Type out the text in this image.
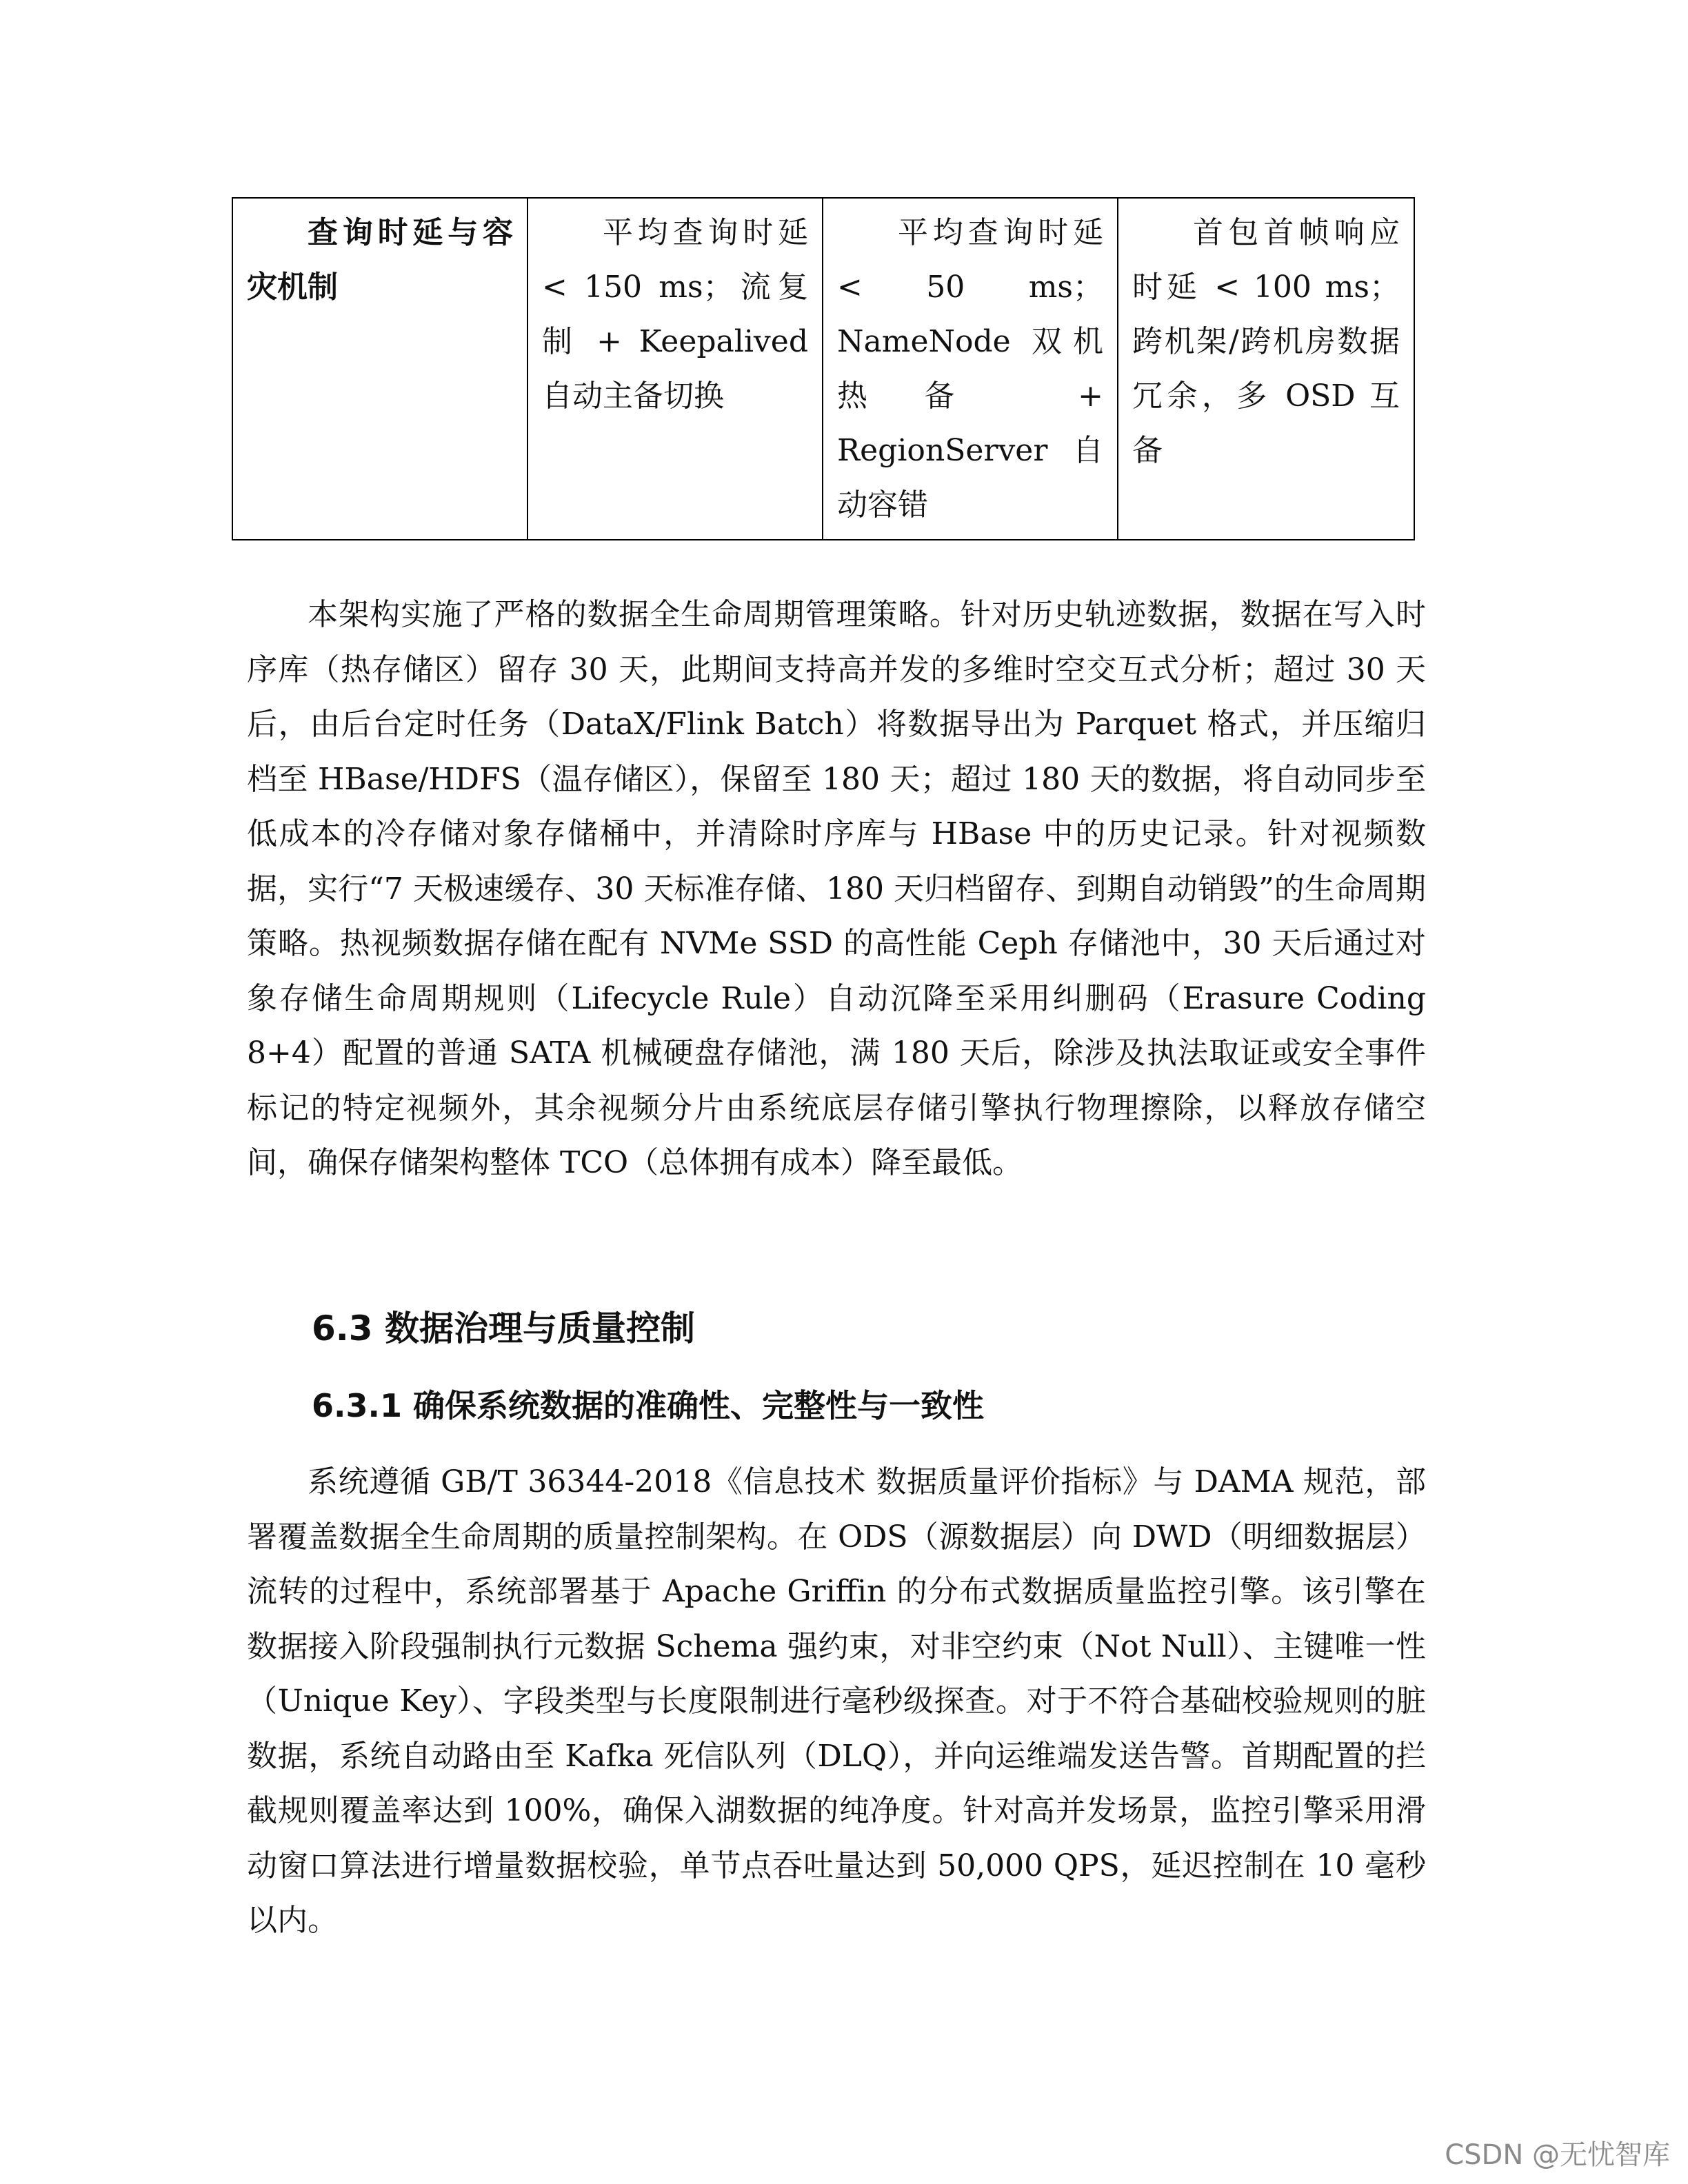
查询时延与容灾机制	平均查询时延 < 150 ms；流复制 + Keepalived 自动主备切换	平均查询时延 < 50 ms；NameNode 双机热备 + RegionServer 自动容错	首包首帧响应时延 < 100 ms；跨机架/跨机房数据冗余，多 OSD 互备

本架构实施了严格的数据全生命周期管理策略。针对历史轨迹数据，数据在写入时序库（热存储区）留存 30 天，此期间支持高并发的多维时空交互式分析；超过 30 天后，由后台定时任务（DataX/Flink Batch）将数据导出为 Parquet 格式，并压缩归档至 HBase/HDFS（温存储区），保留至 180 天；超过 180 天的数据，将自动同步至低成本的冷存储对象存储桶中，并清除时序库与 HBase 中的历史记录。针对视频数据，实行“7 天极速缓存、30 天标准存储、180 天归档留存、到期自动销毁”的生命周期策略。热视频数据存储在配有 NVMe SSD 的高性能 Ceph 存储池中，30 天后通过对象存储生命周期规则（Lifecycle Rule）自动沉降至采用纠删码（Erasure Coding 8+4）配置的普通 SATA 机械硬盘存储池，满 180 天后，除涉及执法取证或安全事件标记的特定视频外，其余视频分片由系统底层存储引擎执行物理擦除，以释放存储空间，确保存储架构整体 TCO（总体拥有成本）降至最低。

6.3 数据治理与质量控制
6.3.1 确保系统数据的准确性、完整性与一致性

系统遵循 GB/T 36344-2018《信息技术 数据质量评价指标》与 DAMA 规范，部署覆盖数据全生命周期的质量控制架构。在 ODS（源数据层）向 DWD（明细数据层）流转的过程中，系统部署基于 Apache Griffin 的分布式数据质量监控引擎。该引擎在数据接入阶段强制执行元数据 Schema 强约束，对非空约束（Not Null）、主键唯一性（Unique Key）、字段类型与长度限制进行毫秒级探查。对于不符合基础校验规则的脏数据，系统自动路由至 Kafka 死信队列（DLQ），并向运维端发送告警。首期配置的拦截规则覆盖率达到 100%，确保入湖数据的纯净度。针对高并发场景，监控引擎采用滑动窗口算法进行增量数据校验，单节点吞吐量达到 50,000 QPS，延迟控制在 10 毫秒以内。

CSDN @无忧智库
